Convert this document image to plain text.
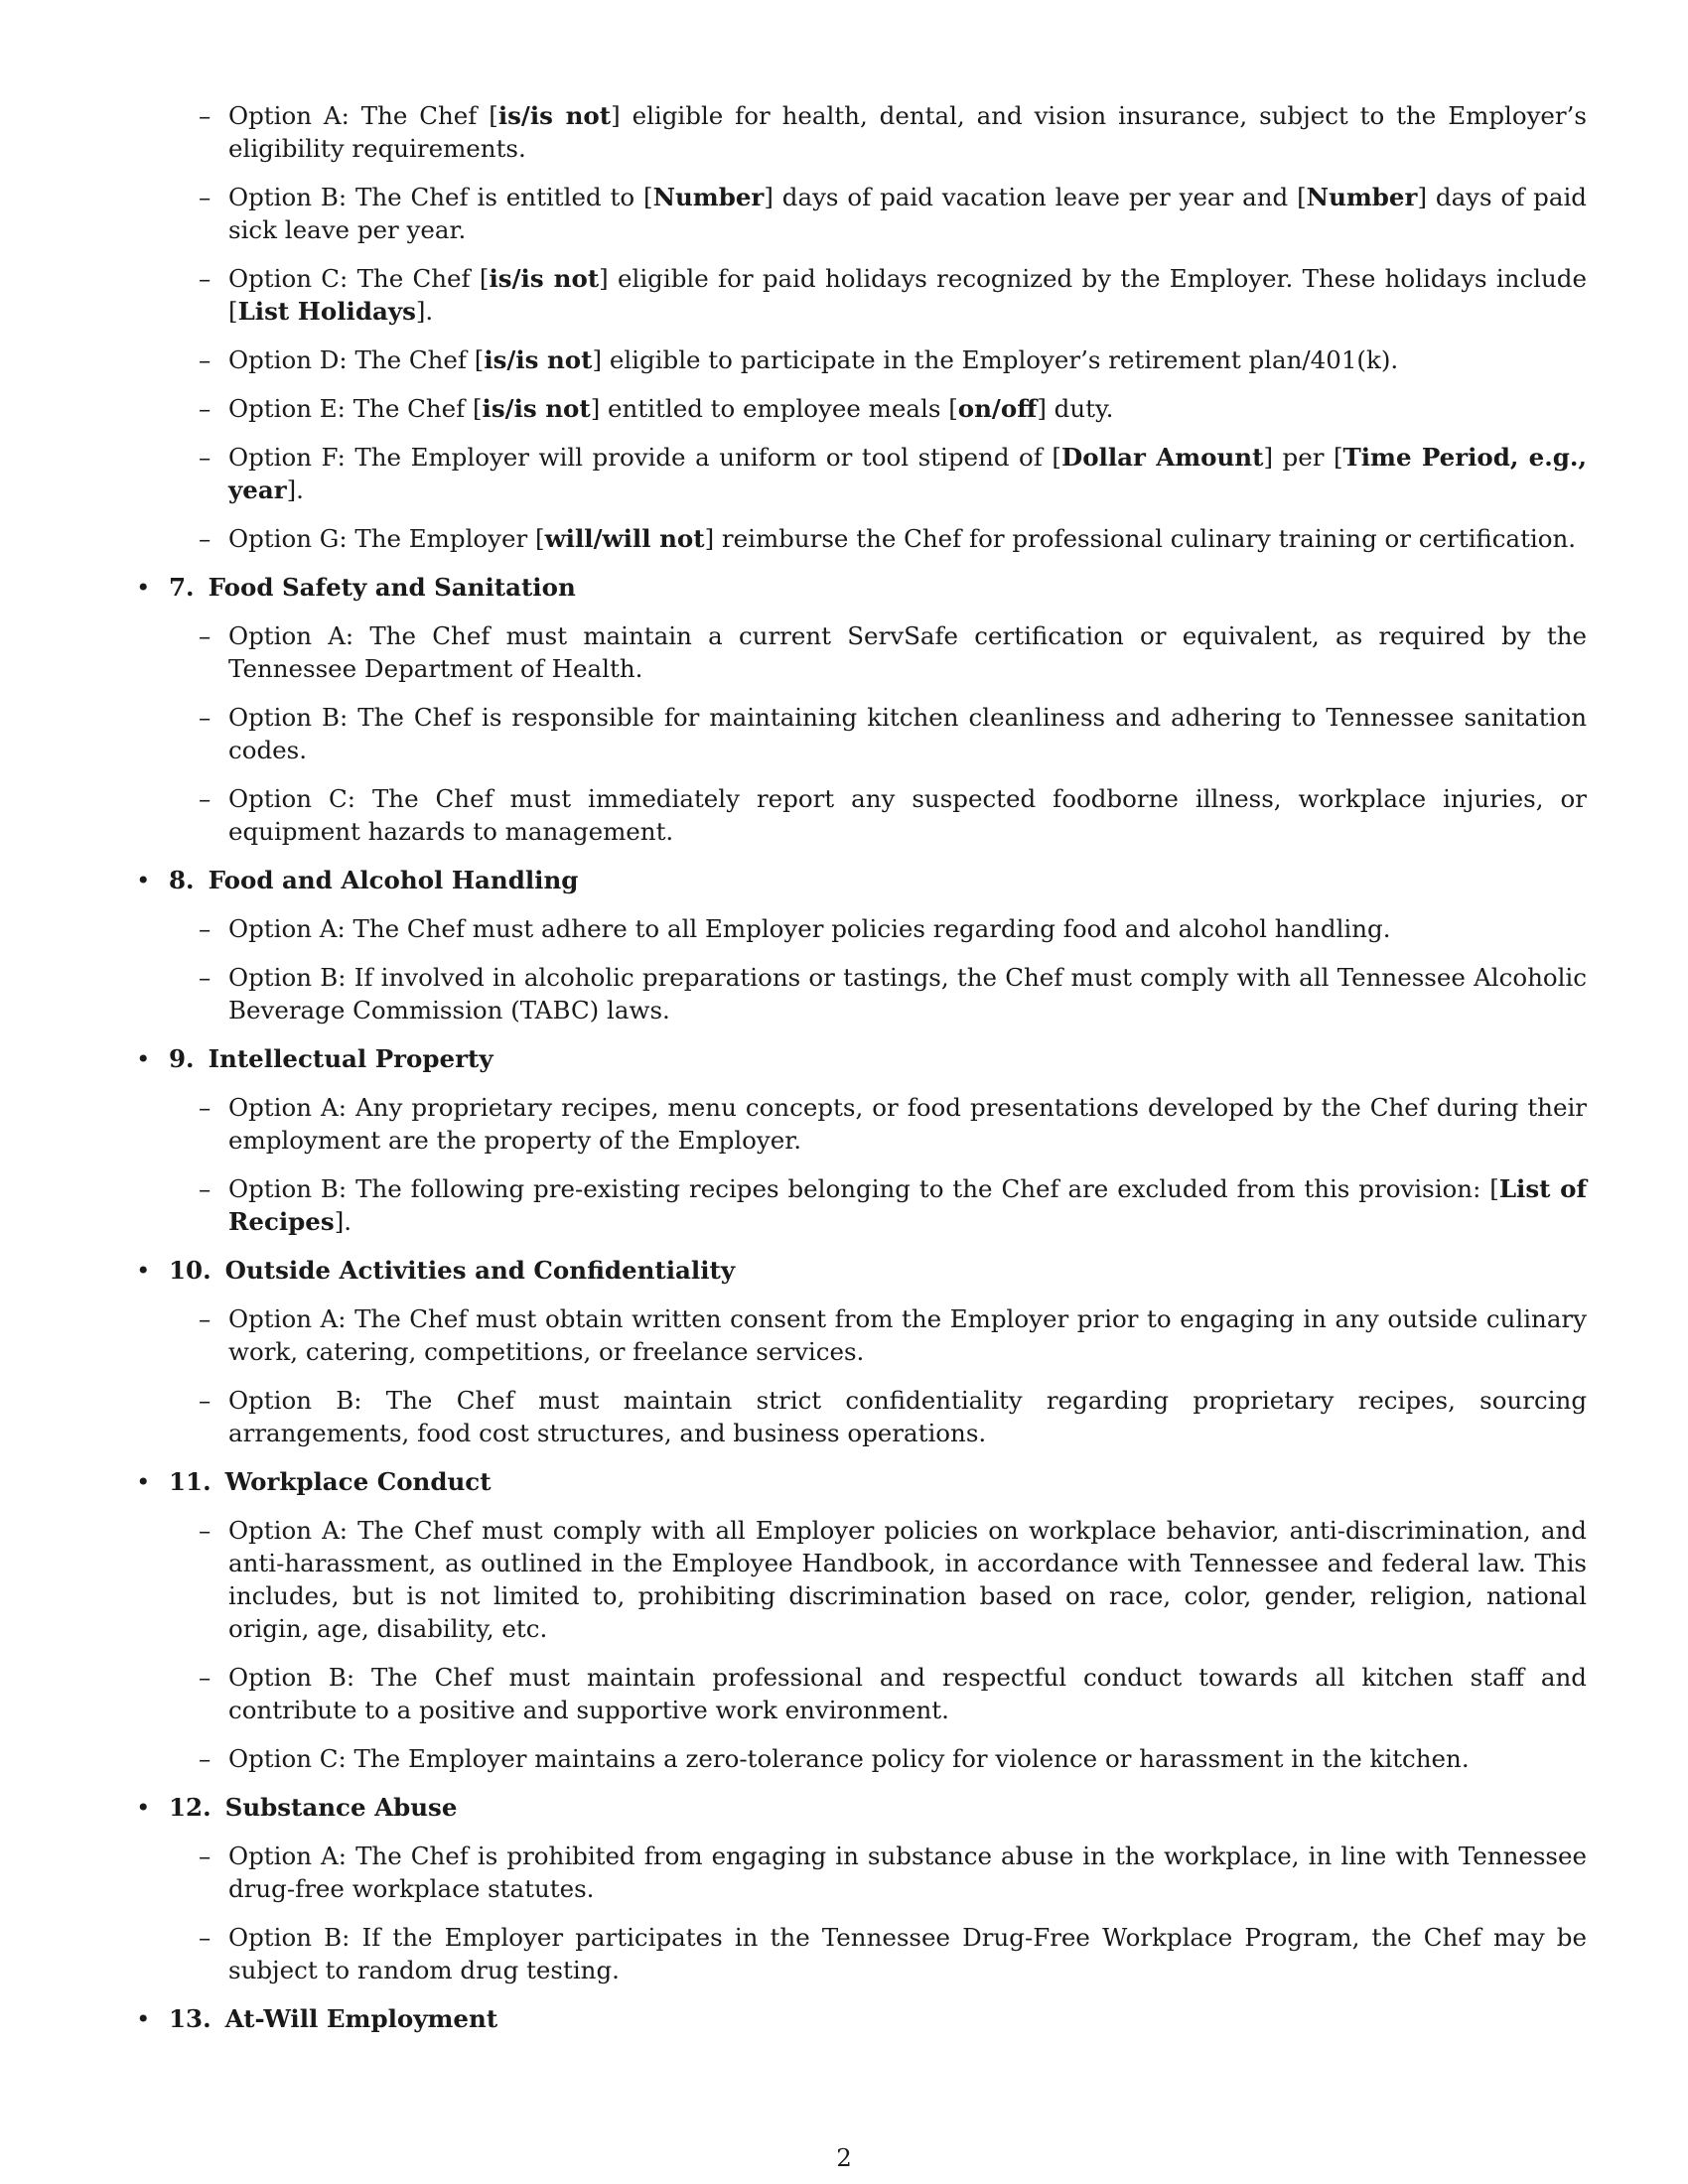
– Option A: The Chef [is/is not] eligible for health, dental, and vision insurance, subject to the Employer’s eligibility requirements.
– Option B: The Chef is entitled to [Number] days of paid vacation leave per year and [Number] days of paid sick leave per year.
– Option C: The Chef [is/is not] eligible for paid holidays recognized by the Employer. These holidays include [List Holidays].
– Option D: The Chef [is/is not] eligible to participate in the Employer’s retirement plan/401(k).
– Option E: The Chef [is/is not] entitled to employee meals [on/off] duty.
– Option F: The Employer will provide a uniform or tool stipend of [Dollar Amount] per [Time Period, e.g., year].
– Option G: The Employer [will/will not] reimburse the Chef for professional culinary training or certification.
• 7. Food Safety and Sanitation
– Option A: The Chef must maintain a current ServSafe certification or equivalent, as required by the Tennessee Department of Health.
– Option B: The Chef is responsible for maintaining kitchen cleanliness and adhering to Tennessee sanitation codes.
– Option C: The Chef must immediately report any suspected foodborne illness, workplace injuries, or equipment hazards to management.
• 8. Food and Alcohol Handling
– Option A: The Chef must adhere to all Employer policies regarding food and alcohol handling.
– Option B: If involved in alcoholic preparations or tastings, the Chef must comply with all Tennessee Alcoholic Beverage Commission (TABC) laws.
• 9. Intellectual Property
– Option A: Any proprietary recipes, menu concepts, or food presentations developed by the Chef during their employment are the property of the Employer.
– Option B: The following pre-existing recipes belonging to the Chef are excluded from this provision: [List of Recipes].
• 10. Outside Activities and Confidentiality
– Option A: The Chef must obtain written consent from the Employer prior to engaging in any outside culinary work, catering, competitions, or freelance services.
– Option B: The Chef must maintain strict confidentiality regarding proprietary recipes, sourcing arrangements, food cost structures, and business operations.
• 11. Workplace Conduct
– Option A: The Chef must comply with all Employer policies on workplace behavior, anti-discrimination, and anti-harassment, as outlined in the Employee Handbook, in accordance with Tennessee and federal law. This includes, but is not limited to, prohibiting discrimination based on race, color, gender, religion, national origin, age, disability, etc.
– Option B: The Chef must maintain professional and respectful conduct towards all kitchen staff and contribute to a positive and supportive work environment.
– Option C: The Employer maintains a zero-tolerance policy for violence or harassment in the kitchen.
• 12. Substance Abuse
– Option A: The Chef is prohibited from engaging in substance abuse in the workplace, in line with Tennessee drug-free workplace statutes.
– Option B: If the Employer participates in the Tennessee Drug-Free Workplace Program, the Chef may be subject to random drug testing.
• 13. At-Will Employment
2
